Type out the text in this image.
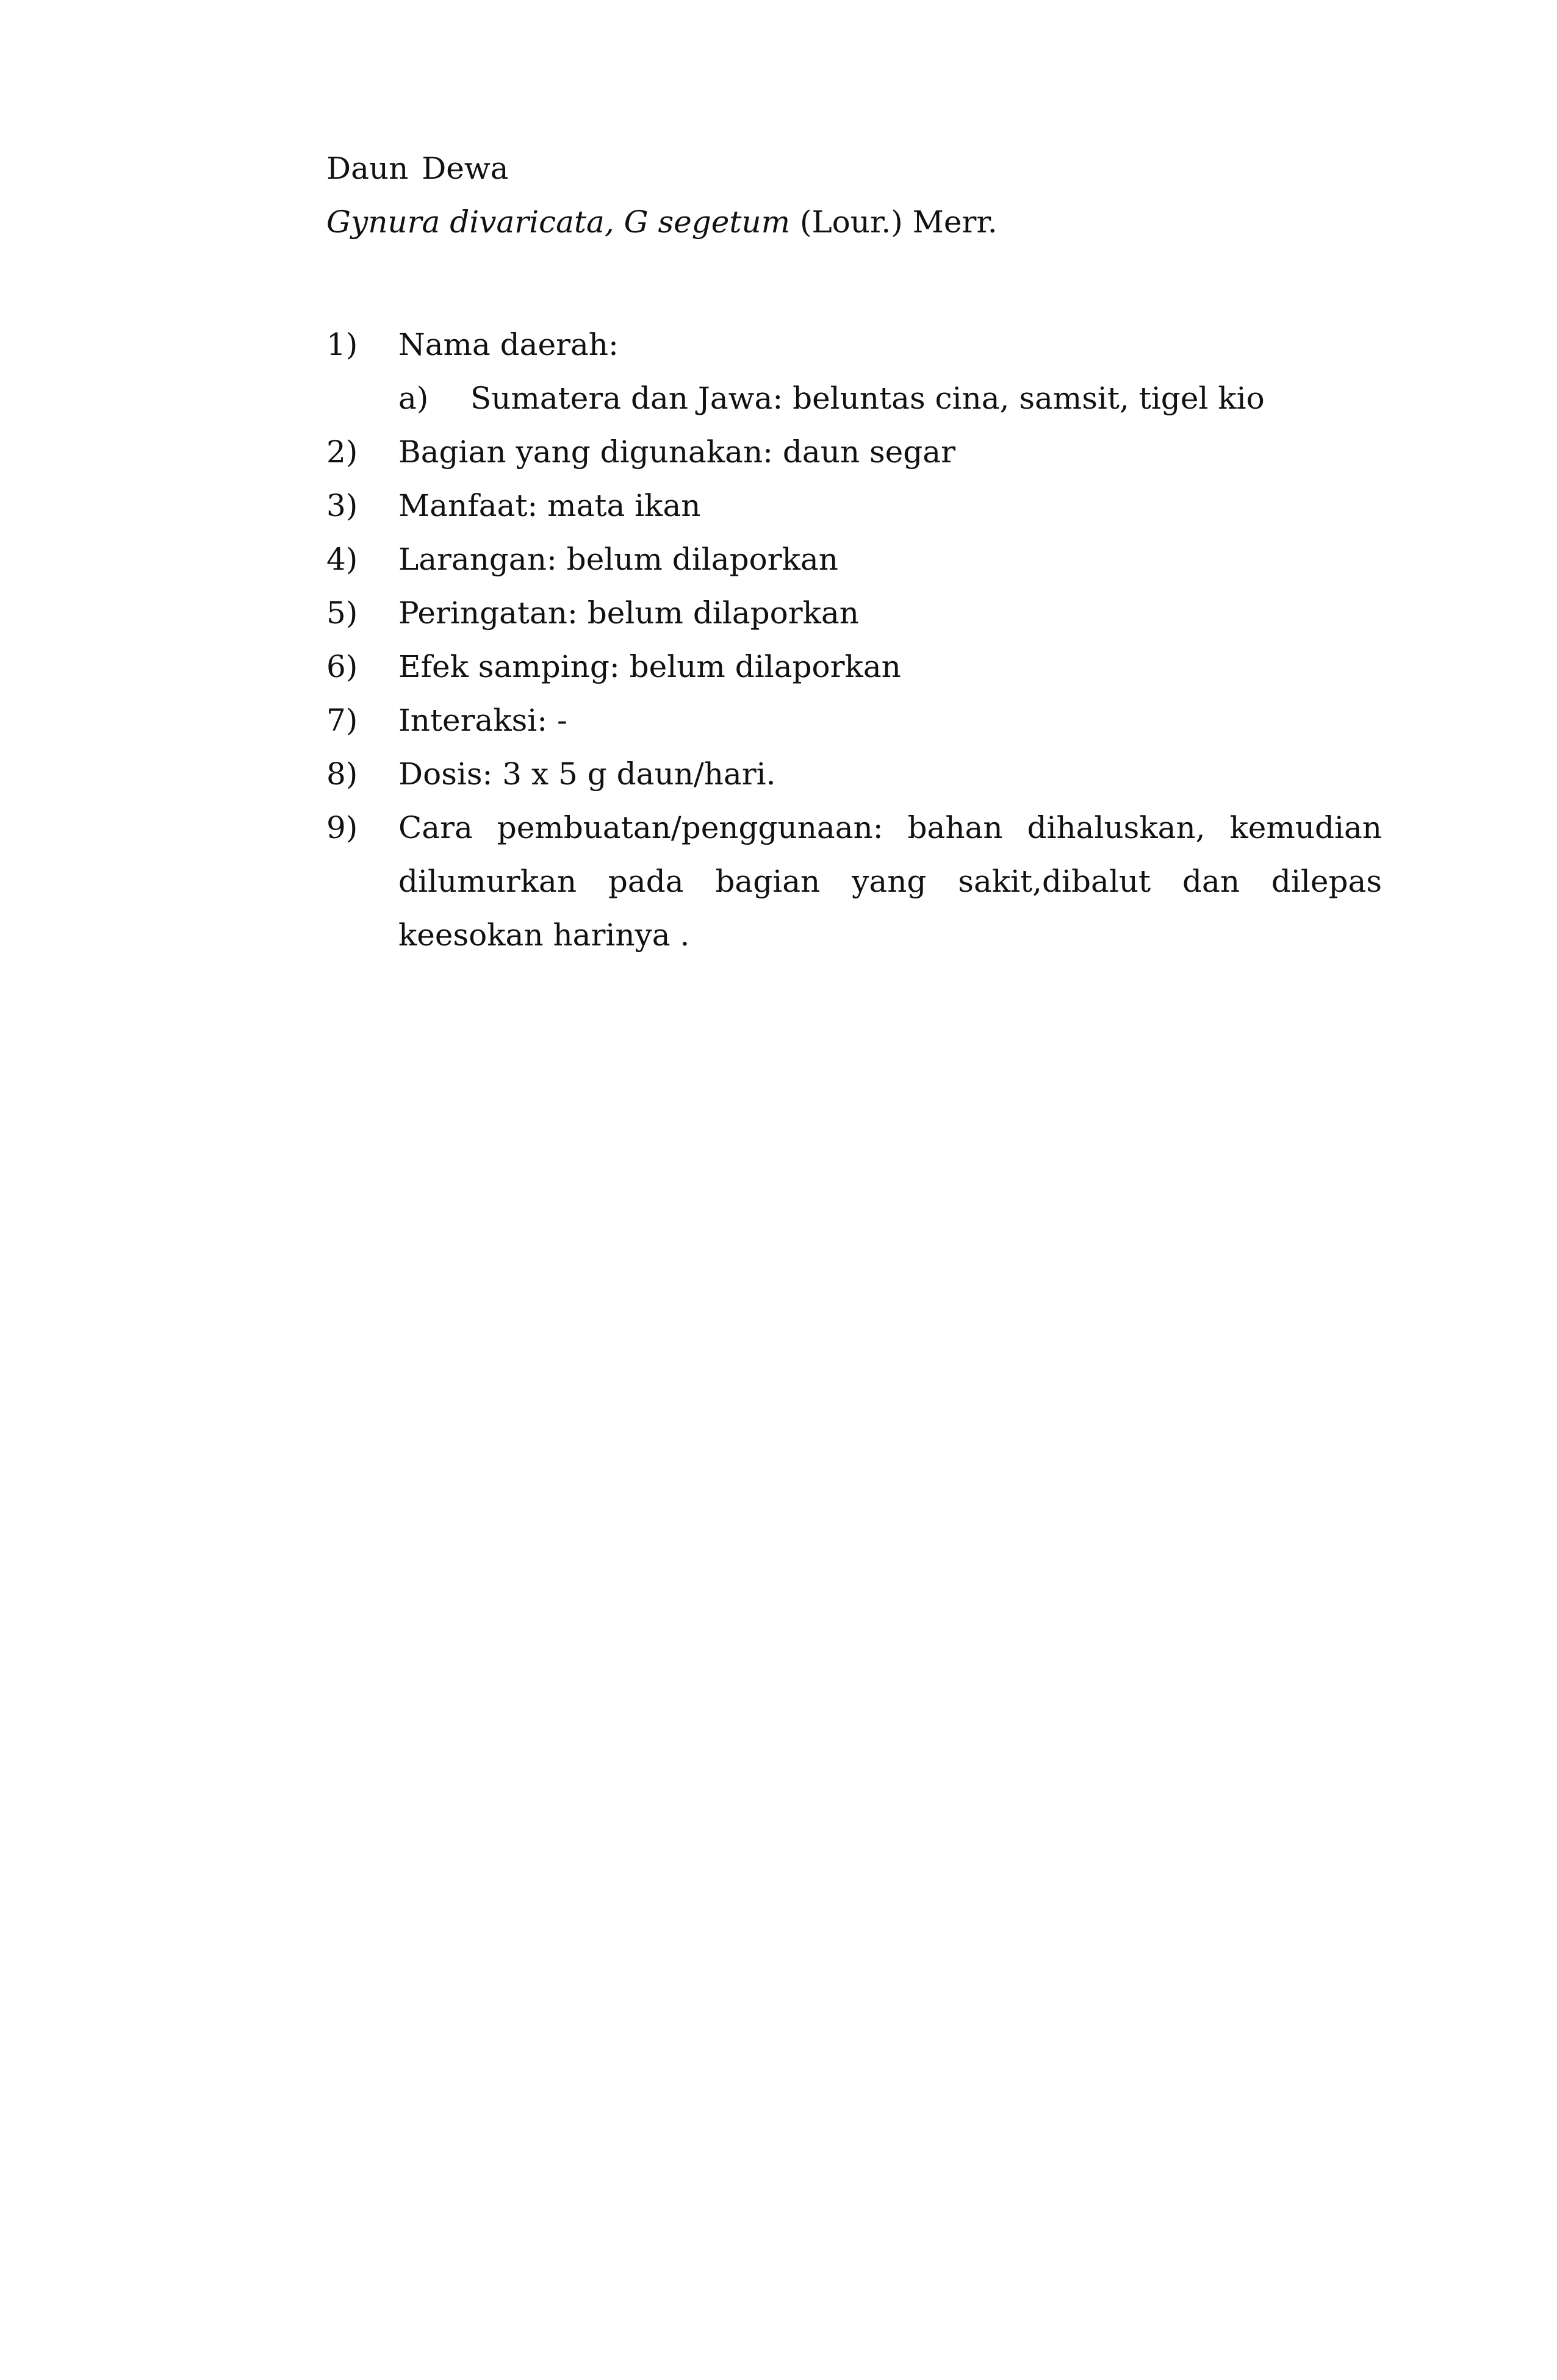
Daun Dewa
Gynura divaricata, G segetum (Lour.) Merr.
1)	Nama daerah:
a)	Sumatera dan Jawa: beluntas cina, samsit, tigel kio
2)	Bagian yang digunakan: daun segar
3)	Manfaat: mata ikan
4)	Larangan: belum dilaporkan
5)	Peringatan: belum dilaporkan
6)	Efek samping: belum dilaporkan
7)	Interaksi: -
8)	Dosis: 3 x 5 g daun/hari.
9)	Cara pembuatan/penggunaan: bahan dihaluskan, kemudian
dilumurkan pada bagian yang sakit,dibalut dan dilepas
keesokan harinya .
